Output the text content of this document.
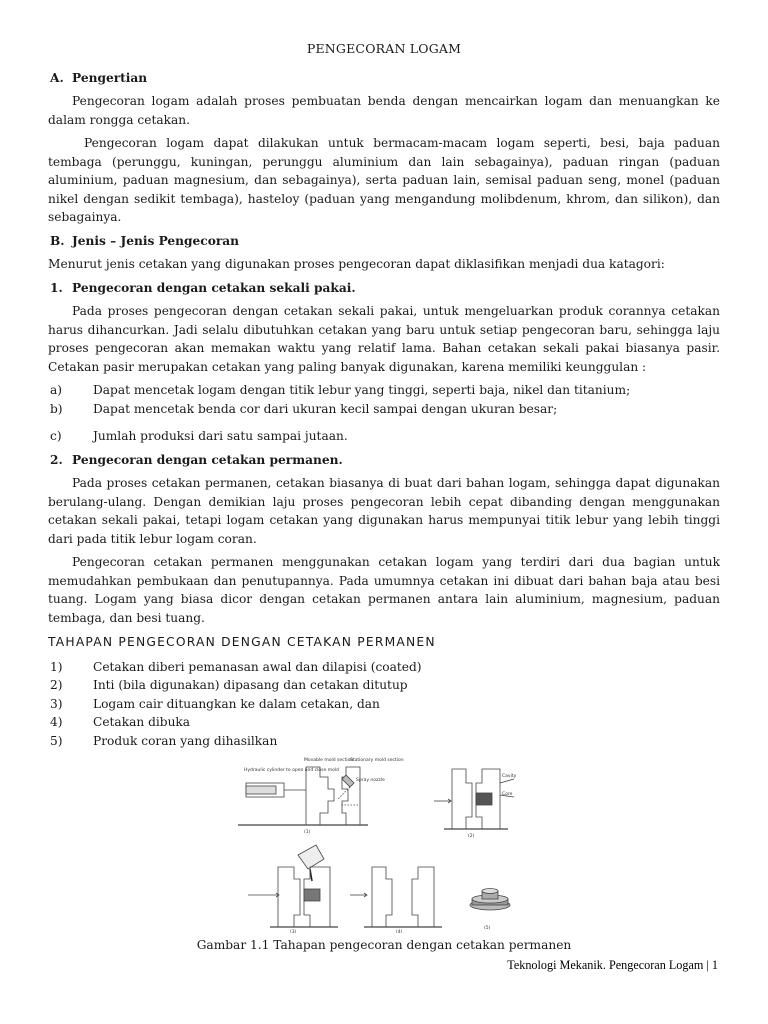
PENGECORAN LOGAM
A. Pengertian

Pengecoran logam adalah proses pembuatan benda dengan mencairkan logam dan menuangkan ke dalam rongga cetakan.

Pengecoran logam dapat dilakukan untuk bermacam-macam logam seperti, besi, baja paduan tembaga (perunggu, kuningan, perunggu aluminium dan lain sebagainya), paduan ringan (paduan aluminium, paduan magnesium, dan sebagainya), serta paduan lain, semisal paduan seng, monel (paduan nikel dengan sedikit tembaga), hasteloy (paduan yang mengandung molibdenum, khrom, dan silikon), dan sebagainya.

B. Jenis – Jenis Pengecoran

Menurut jenis cetakan yang digunakan proses pengecoran dapat diklasifikan menjadi dua katagori:

1. Pengecoran dengan cetakan sekali pakai.

Pada proses pengecoran dengan cetakan sekali pakai, untuk mengeluarkan produk corannya cetakan harus dihancurkan. Jadi selalu dibutuhkan cetakan yang baru untuk setiap pengecoran baru, sehingga laju proses pengecoran akan memakan waktu yang relatif lama. Bahan cetakan sekali pakai biasanya pasir. Cetakan pasir merupakan cetakan yang paling banyak digunakan, karena memiliki keunggulan :

a)	Dapat mencetak logam dengan titik lebur yang tinggi, seperti baja, nikel dan titanium;
b)	Dapat mencetak benda cor dari ukuran kecil sampai dengan ukuran besar;
c)	Jumlah produksi dari satu sampai jutaan.
2. Pengecoran dengan cetakan permanen.

Pada proses cetakan permanen, cetakan biasanya di buat dari bahan logam, sehingga dapat digunakan berulang-ulang. Dengan demikian laju proses pengecoran lebih cepat dibanding dengan menggunakan cetakan sekali pakai, tetapi logam cetakan yang digunakan harus mempunyai titik lebur yang lebih tinggi dari pada titik lebur logam coran.

Pengecoran cetakan permanen menggunakan cetakan logam yang terdiri dari dua bagian untuk memudahkan pembukaan dan penutupannya. Pada umumnya cetakan ini dibuat dari bahan baja atau besi tuang. Logam yang biasa dicor dengan cetakan permanen antara lain aluminium, magnesium, paduan tembaga, dan besi tuang.

TAHAPAN PENGECORAN DENGAN CETAKAN PERMANEN
1)	Cetakan diberi pemanasan awal dan dilapisi (coated)
2)	Inti (bila digunakan) dipasang dan cetakan ditutup
3)	Logam cair dituangkan ke dalam cetakan, dan
4)	Cetakan dibuka
5)	Produk coran yang dihasilkan
Hydraulic cylinder to open and close mold
Movable mold section
Stationary mold section
Spray nozzle
Cavity
Core
(1)
(2)
(3)	(4)
(5)
Gambar 1.1 Tahapan pengecoran dengan cetakan permanen
Teknologi Mekanik. Pengecoran Logam | 1
